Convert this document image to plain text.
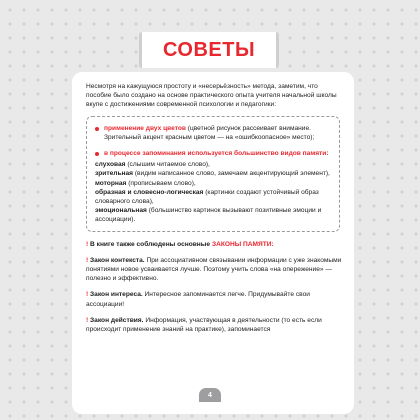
СОВЕТЫ

Несмотря на кажущуюся простоту и «несерьёзность» метода, заметим, что пособие было создано на основе практического опыта учителя начальной школы вкупе с достижениями современной психологии и педагогики:

применение двух цветов (цветной рисунок рассеивает внимание. Зрительный акцент красным цветом — на «ошибкоопасное» место);
в процессе запоминания используется большинство видов памяти:

слуховая (слышим читаемое слово),

зрительная (видим написанное слово, замечаем акцентирующий элемент),

моторная (прописываем слово),

образная и словесно-логическая (картинки создают устойчивый образ словарного слова),

эмоциональная (большинство картинок вызывают позитивные эмоции и ассоциации).

! В книге также соблюдены основные ЗАКОНЫ ПАМЯТИ:

! Закон контекста. При ассоциативном связывании информации с уже знакомыми понятиями новое усваивается лучше. Поэтому учить слова «на опережение» — полезно и эффективно.

! Закон интереса. Интересное запоминается легче. Придумывайте свои ассоциации!

! Закон действия. Информация, участвующая в деятельности (то есть если происходит применение знаний на практике), запоминается

4
